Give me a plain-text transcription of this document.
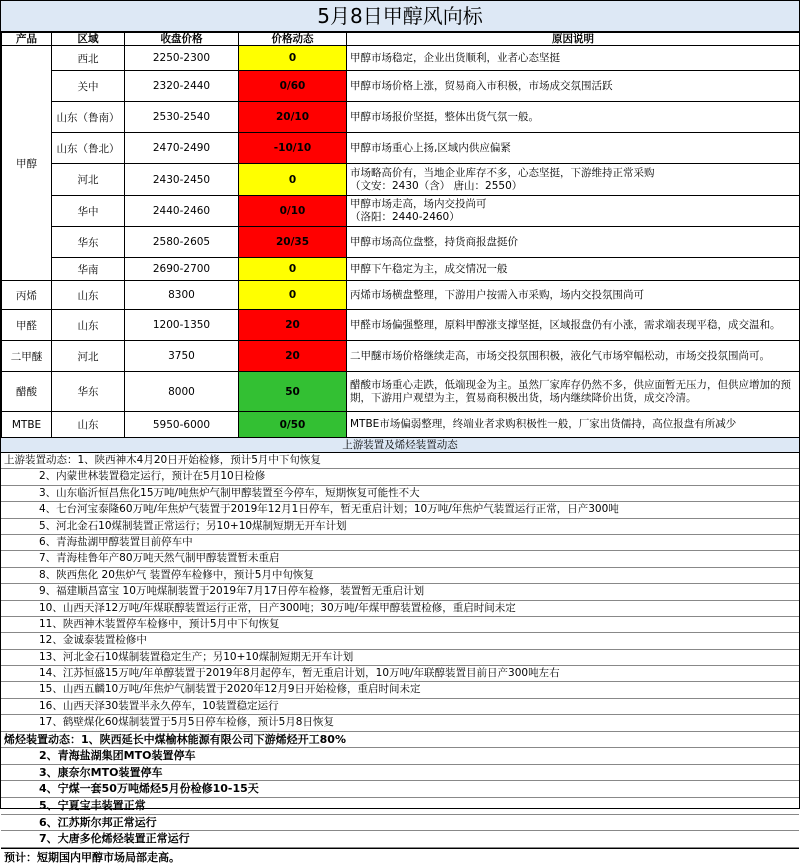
5月8日甲醇风向标
产品	区域	收盘价格	价格动态	原因说明
甲醇	西北	2250-2300	0	甲醇市场稳定，企业出货顺利，业者心态坚挺

	关中	2320-2440	0/60	甲醇市场价格上涨，贸易商入市积极，市场成交氛围活跃

	山东（鲁南）	2530-2540	20/10	甲醇市场报价坚挺，整体出货气氛一般。

	山东（鲁北）	2470-2490	-10/10	甲醇市场重心上扬,区域内供应偏紧

	河北	2430-2450	0	市场略高价有，当地企业库存不多，心态坚挺，下游维持正常采购
（文安：2430（含） 唐山：2550）

	华中	2440-2460	0/10	甲醇市场走高，场内交投尚可
（洛阳：2440-2460）

	华东	2580-2605	20/35	甲醇市场高位盘整，持货商报盘挺价

	华南	2690-2700	0	甲醇下午稳定为主，成交情况一般

丙烯	山东	8300	0	丙烯市场横盘整理，下游用户按需入市采购，场内交投氛围尚可
甲醛	山东	1200-1350	20	甲醛市场偏强整理，原料甲醇涨支撑坚挺，区域报盘仍有小涨，需求端表现平稳，成交温和。
二甲醚	河北	3750	20	二甲醚市场价格继续走高，市场交投氛围积极，液化气市场窄幅松动，市场交投氛围尚可。
醋酸	华东	8000	50	醋酸市场重心走跌，低端现金为主。虽然厂家库存仍然不多，供应面暂无压力，但供应增加的预期，下游用户观望为主，賀易商积极出货，场内继续降价出货，成交冷清。
MTBE	山东	5950-6000	0/50	MTBE市场偏弱整理，终端业者求购积极性一般，厂家出货儒持，高位报盘有所减少
上游装置及烯烃装置动态
上游装置动态：1、陕西神木4月20日开始检修，预计5月中下旬恢复
2、内蒙世林装置稳定运行，预计在5月10日检修
3、山东临沂恒昌焦化15万吨/吨焦炉气制甲醇装置至今停车，短期恢复可能性不大
4、七台河宝泰隆60万吨/年焦炉气装置于2019年12月1日停车，暂无重启计划；10万吨/年焦炉气装置运行正常，日产300吨
5、河北金石10煤制装置正常运行；另10+10煤制短期无开车计划
6、青海盐湖甲醇装置目前停车中
7、青海桂鲁年产80万吨天然气制甲醇装置暂未重启
8、陕西焦化 20焦炉气 装置停车检修中，预计5月中旬恢复
9、福建顺昌富宝 10万吨煤制装置于2019年7月17日停车检修，装置暂无重启计划
10、山西天泽12万吨/年煤联醇装置运行正常，日产300吨；30万吨/年煤甲醇装置检修，重启时间未定
11、陕西神木装置停车检修中，预计5月中下旬恢复
12、金诚泰装置检修中
13、河北金石10煤制装置稳定生产；另10+10煤制短期无开车计划
14、江苏恒盛15万吨/年单醇装置于2019年8月起停车，暂无重启计划，10万吨/年联醇装置目前日产300吨左右
15、山西五麟10万吨/年焦炉气制装置于2020年12月9日开始检修，重启时间未定
16、山西天泽30装置半永久停车，10装置稳定运行
17、鹤壁煤化60煤制装置于5月5日停车检修，预计5月8日恢复
烯烃装置动态：1、陕西延长中煤榆林能源有限公司下游烯烃开工80%
2、青海盐湖集团MTO装置停车
3、康奈尔MTO装置停车
4、宁煤一套50万吨烯烃5月份检修10-15天
5、宁夏宝丰装置正常
6、江苏斯尔邦正常运行
7、大唐多伦烯烃装置正常运行
预计：短期国内甲醇市场局部走高。
